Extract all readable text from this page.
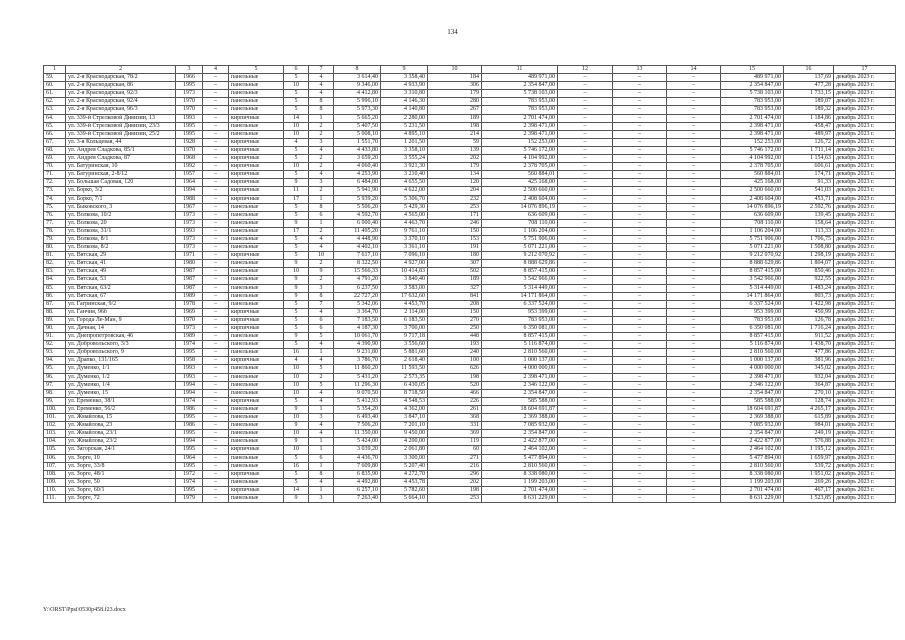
134
1	2	3	4	5	6	7	8	9	10	11	12	13	14	15	16	17
59.	ул. 2-я Краснодарская, 78/2	1966	–	панельные	5	4	3 614,40	3 358,40	184	489 971,00	–	–	–	489 971,00	137,69	декабрь 2023 г.
60.	ул. 2-я Краснодарская, 86	1995	–	панельные	10	4	9 346,00	4 933,90	306	2 354 847,00	–	–	–	2 354 847,00	477,28	декабрь 2023 г.
61.	ул. 2-я Краснодарская, 92/3	1973	–	панельные	5	4	4 412,80	3 310,80	179	5 738 103,00	–	–	–	5 738 103,00	1 733,15	декабрь 2023 г.
62.	ул. 2-я Краснодарская, 92/4	1970	–	панельные	5	8	5 996,10	4 146,30	280	783 953,00	–	–	–	783 953,00	189,07	декабрь 2023 г.
63.	ул. 2-я Краснодарская, 96/3	1970	–	панельные	5	8	5 973,30	4 140,80	267	783 953,00	–	–	–	783 953,00	189,32	декабрь 2023 г.
64.	ул. 339-й Стрелковой Дивизии, 13	1993	–	кирпичные	14	1	5 665,20	2 280,00	189	2 701 474,00	–	–	–	2 701 474,00	1 184,86	декабрь 2023 г.
65.	ул. 339-й Стрелковой Дивизии, 23/3	1995	–	панельные	10	2	5 407,50	5 231,50	198	2 398 471,00	–	–	–	2 398 471,00	458,47	декабрь 2023 г.
66.	ул. 339-й Стрелковой Дивизии, 25/2	1995	–	панельные	10	2	5 008,10	4 895,10	214	2 398 471,00	–	–	–	2 398 471,00	489,97	декабрь 2023 г.
67.	ул. 3-я Кольцевая, 44	1928	–	кирпичные	4	3	1 551,70	1 201,50	59	152 253,00	–	–	–	152 253,00	126,72	декабрь 2023 г.
68.	ул. Андрея Сладкова, 85/1	1970	–	кирпичные	5	4	4 433,80	3 358,10	139	5 746 172,00	–	–	–	5 746 172,00	1 711,14	декабрь 2023 г.
69.	ул. Андрея Сладкова, 87	1968	–	кирпичные	5	2	3 659,20	3 555,24	202	4 104 992,00	–	–	–	4 104 992,00	1 154,63	декабрь 2023 г.
70.	ул. Батуринская, 10	1992	–	кирпичные	10	2	4 060,40	3 921,30	179	2 378 705,00	–	–	–	2 378 705,00	606,61	декабрь 2023 г.
71.	ул. Батуринская, 2-8/12	1957	–	кирпичные	5	4	4 253,90	3 210,40	134	560 884,01	–	–	–	560 884,01	174,71	декабрь 2023 г.
72.	ул. Большая Садовая, 120	1964	–	кирпичные	9	3	6 484,00	4 655,50	120	425 168,00	–	–	–	425 168,00	91,33	декабрь 2023 г.
73.	ул. Борко, 3/2	1994	–	кирпичные	11	2	5 941,90	4 622,00	204	2 500 660,00	–	–	–	2 500 660,00	541,03	декабрь 2023 г.
74.	ул. Борко, 7/1	1988	–	кирпичные	17	1	5 939,20	5 306,70	232	2 408 604,00	–	–	–	2 408 604,00	453,71	декабрь 2023 г.
75.	ул. Быковского, 3	1967	–	панельные	5	8	5 506,20	5 429,30	253	14 076 896,19	–	–	–	14 076 896,19	2 592,76	декабрь 2023 г.
76.	ул. Волкова, 10/2	1973	–	панельные	5	6	4 592,70	4 565,00	171	636 609,00	–	–	–	636 609,00	139,45	декабрь 2023 г.
77.	ул. Волкова, 20	1973	–	панельные	9	1	6 000,40	4 463,70	246	708 110,00	–	–	–	708 110,00	158,64	декабрь 2023 г.
78.	ул. Волкова, 31/1	1993	–	панельные	17	2	11 495,20	9 761,10	150	1 106 204,00	–	–	–	1 106 204,00	113,33	декабрь 2023 г.
79.	ул. Волкова, 8/1	1973	–	панельные	5	4	4 448,90	3 370,10	153	5 751 906,00	–	–	–	5 751 906,00	1 706,75	декабрь 2023 г.
80.	ул. Волкова, 8/2	1973	–	панельные	5	4	4 402,10	3 361,10	191	5 071 221,00	–	–	–	5 071 221,00	1 508,80	декабрь 2023 г.
81.	ул. Вятская, 29	1971	–	кирпичные	5	10	7 617,10	7 096,10	180	9 212 070,92	–	–	–	9 212 070,92	1 298,19	декабрь 2023 г.
82.	ул. Вятская, 41	1980	–	панельные	9	2	8 322,50	4 927,00	307	8 888 629,86	–	–	–	8 888 629,86	1 804,07	декабрь 2023 г.
83.	ул. Вятская, 49	1987	–	панельные	10	9	15 566,33	10 414,83	502	8 857 415,00	–	–	–	8 857 415,00	850,46	декабрь 2023 г.
84.	ул. Вятская, 53	1987	–	панельные	9	2	4 791,20	3 840,40	189	3 542 966,00	–	–	–	3 542 966,00	922,55	декабрь 2023 г.
85.	ул. Вятская, 63/2	1987	–	панельные	9	3	6 237,50	3 583,00	327	5 314 449,00	–	–	–	5 314 449,00	1 483,24	декабрь 2023 г.
86.	ул. Вятская, 67	1989	–	панельные	9	8	22 727,20	17 632,60	841	14 171 864,00	–	–	–	14 171 864,00	803,73	декабрь 2023 г.
87.	ул. Гагринская, 9/2	1978	–	панельные	5	7	5 342,06	4 453,70	208	6 337 524,00	–	–	–	6 337 524,00	1 422,98	декабрь 2023 г.
88.	ул. Ганчия, 96б	1969	–	кирпичные	5	4	3 364,70	2 114,00	150	953 399,00	–	–	–	953 399,00	450,99	декабрь 2023 г.
89.	ул. Города Ле-Ман, 9	1970	–	кирпичные	5	6	7 183,50	6 183,50	270	783 953,00	–	–	–	783 953,00	126,78	декабрь 2023 г.
90.	ул. Дачная, 14	1973	–	кирпичные	5	6	4 187,30	3 700,00	250	6 350 081,00	–	–	–	6 350 081,00	1 716,24	декабрь 2023 г.
91.	ул. Днепропетровская, 46	1989	–	панельные	9	5	10 061,70	9 717,18	448	8 857 415,00	–	–	–	8 857 415,00	911,52	декабрь 2023 г.
92.	ул. Добровольского, 3/3	1974	–	панельные	5	4	4 390,90	3 556,60	193	5 116 874,00	–	–	–	5 116 874,00	1 438,70	декабрь 2023 г.
93.	ул. Добровольского, 9	1995	–	панельные	16	1	9 231,80	5 881,60	240	2 810 560,00	–	–	–	2 810 560,00	477,86	декабрь 2023 г.
94.	ул. Драпко, 131/165	1958	–	кирпичные	4	4	3 786,70	2 618,40	100	1 000 137,00	–	–	–	1 000 137,00	381,96	декабрь 2023 г.
95.	ул. Думенко, 1/1	1993	–	панельные	10	5	11 860,20	11 593,50	626	4 000 000,00	–	–	–	4 000 000,00	345,02	декабрь 2023 г.
96.	ул. Думенко, 1/2	1993	–	панельные	10	2	5 431,20	2 573,35	198	2 398 471,00	–	–	–	2 398 471,00	932,04	декабрь 2023 г.
97.	ул. Думенко, 1/4	1994	–	панельные	10	5	11 296,30	6 430,05	520	2 346 122,00	–	–	–	2 346 122,00	364,87	декабрь 2023 г.
98.	ул. Думенко, 15	1994	–	панельные	10	4	9 070,50	8 718,50	466	2 354 847,00	–	–	–	2 354 847,00	270,10	декабрь 2023 г.
99.	ул. Еременко, 38/1	1974	–	кирпичные	5	4	5 412,93	4 548,53	226	585 588,00	–	–	–	585 588,00	128,74	декабрь 2023 г.
100.	ул. Еременко, 56/2	1986	–	панельные	9	1	5 354,20	4 362,00	261	18 604 691,87	–	–	–	18 604 691,87	4 265,17	декабрь 2023 г.
101.	ул. Жмайлова, 15	1995	–	панельные	10	3	6 493,40	3 847,10	368	2 369 388,00	–	–	–	2 369 388,00	615,89	декабрь 2023 г.
102.	ул. Жмайлова, 23	1986	–	панельные	9	4	7 506,20	7 201,10	331	7 085 932,00	–	–	–	7 085 932,00	984,01	декабрь 2023 г.
103.	ул. Жмайлова, 23/1	1995	–	панельные	10	4	11 350,00	9 450,00	369	2 354 847,00	–	–	–	2 354 847,00	249,19	декабрь 2023 г.
104.	ул. Жмайлова, 23/2	1994	–	панельные	9	1	5 424,00	4 200,00	119	2 422 877,00	–	–	–	2 422 877,00	576,88	декабрь 2023 г.
105.	ул. Загорская, 24/1	1995	–	кирпичные	10	1	3 039,20	2 061,80	60	2 464 102,00	–	–	–	2 464 102,00	1 195,12	декабрь 2023 г.
106.	ул. Зорге, 10	1964	–	панельные	5	6	4 436,70	3 300,00	271	5 477 894,00	–	–	–	5 477 894,00	1 659,97	декабрь 2023 г.
107.	ул. Зорге, 33/8	1995	–	панельные	16	1	7 609,80	5 207,40	216	2 810 560,00	–	–	–	2 810 560,00	539,72	декабрь 2023 г.
108.	ул. Зорге, 48/1	1972	–	кирпичные	5	8	6 835,90	4 272,70	296	8 338 080,00	–	–	–	8 338 080,00	1 951,02	декабрь 2023 г.
109.	ул. Зорге, 50	1974	–	панельные	5	4	4 492,80	4 453,78	202	1 199 203,00	–	–	–	1 199 203,00	269,26	декабрь 2023 г.
110.	ул. Зорге, 60/1	1995	–	кирпичные	14	1	6 257,10	5 782,60	198	2 701 474,00	–	–	–	2 701 474,00	467,17	декабрь 2023 г.
111.	ул. Зорге, 72	1979	–	панельные	9	3	7 263,40	5 664,10	253	8 631 229,00	–	–	–	8 631 229,00	1 523,85	декабрь 2023 г.
Y:\ORST\Ppsi\0530p458.f23.docx
